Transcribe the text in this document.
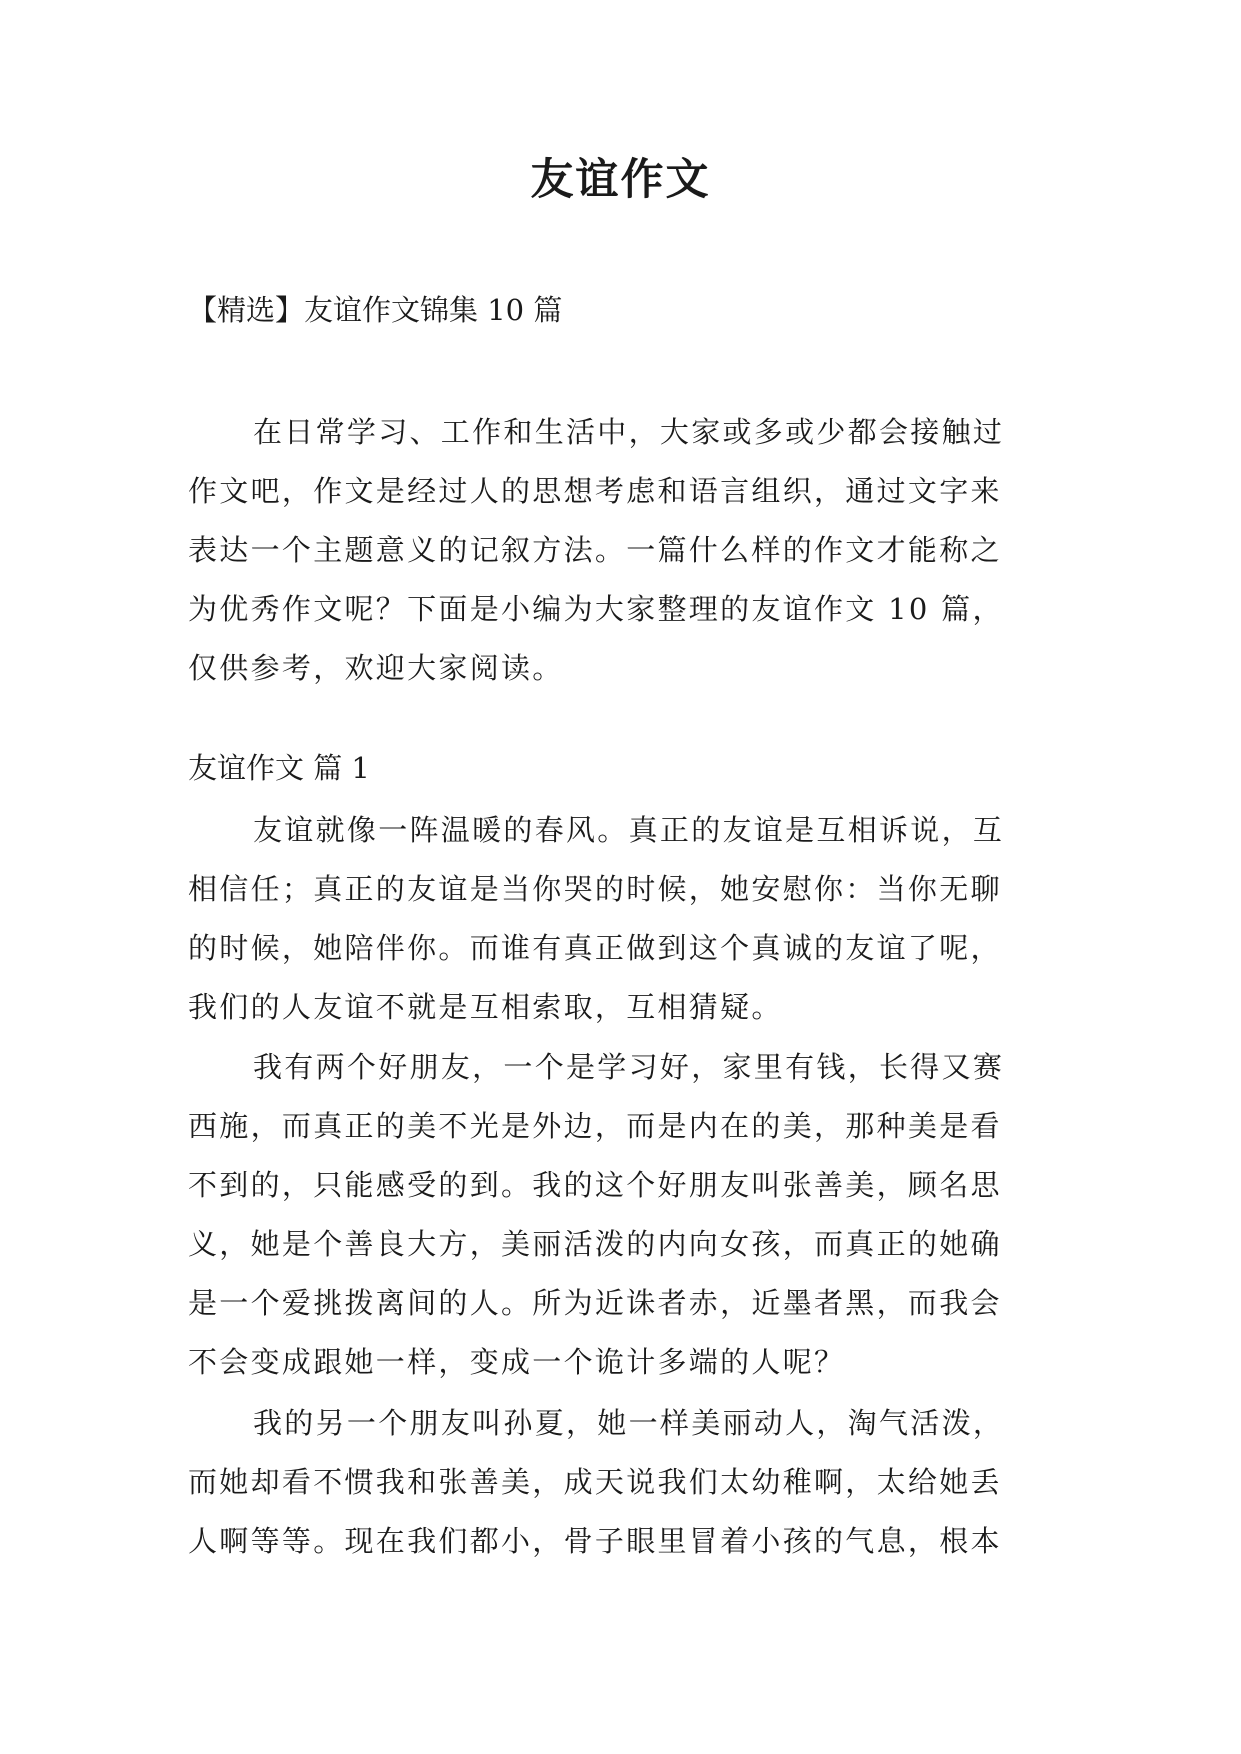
友谊作文

【精选】友谊作文锦集 10 篇

在日常学习、工作和生活中，大家或多或少都会接触过

作文吧，作文是经过人的思想考虑和语言组织，通过文字来

表达一个主题意义的记叙方法。一篇什么样的作文才能称之

为优秀作文呢？下面是小编为大家整理的友谊作文 10 篇，

仅供参考，欢迎大家阅读。

友谊作文 篇 1

友谊就像一阵温暖的春风。真正的友谊是互相诉说，互

相信任；真正的友谊是当你哭的时候，她安慰你：当你无聊

的时候，她陪伴你。而谁有真正做到这个真诚的友谊了呢，

我们的人友谊不就是互相索取，互相猜疑。

我有两个好朋友，一个是学习好，家里有钱，长得又赛

西施，而真正的美不光是外边，而是内在的美，那种美是看

不到的，只能感受的到。我的这个好朋友叫张善美，顾名思

义，她是个善良大方，美丽活泼的内向女孩，而真正的她确

是一个爱挑拨离间的人。所为近诛者赤，近墨者黑，而我会

不会变成跟她一样，变成一个诡计多端的人呢？

我的另一个朋友叫孙夏，她一样美丽动人，淘气活泼，

而她却看不惯我和张善美，成天说我们太幼稚啊，太给她丢

人啊等等。现在我们都小，骨子眼里冒着小孩的气息，根本
